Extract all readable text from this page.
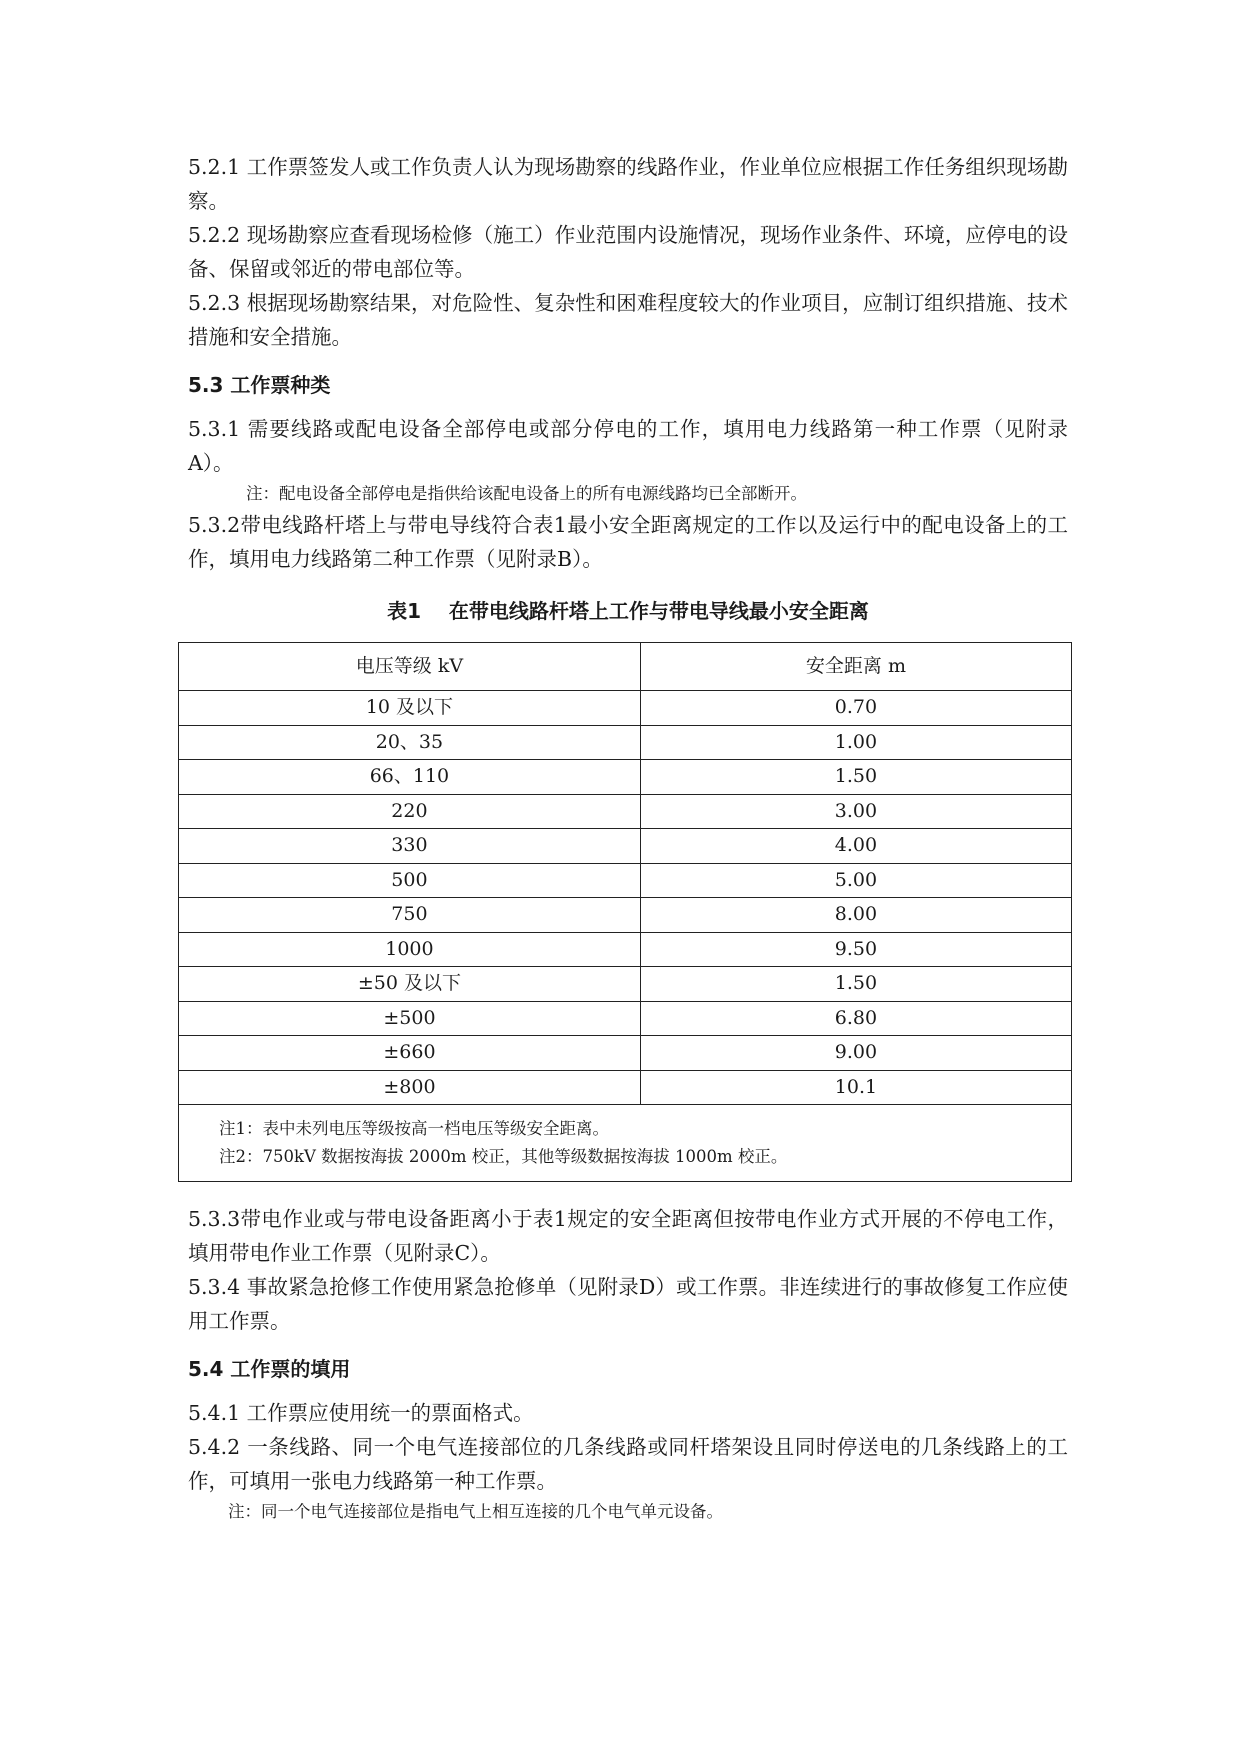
5.2.1 工作票签发人或工作负责人认为现场勘察的线路作业，作业单位应根据工作任务组织现场勘察。

5.2.2 现场勘察应查看现场检修（施工）作业范围内设施情况，现场作业条件、环境，应停电的设备、保留或邻近的带电部位等。

5.2.3 根据现场勘察结果，对危险性、复杂性和困难程度较大的作业项目，应制订组织措施、技术措施和安全措施。

5.3 工作票种类

5.3.1 需要线路或配电设备全部停电或部分停电的工作，填用电力线路第一种工作票（见附录A）。

注：配电设备全部停电是指供给该配电设备上的所有电源线路均已全部断开。

5.3.2带电线路杆塔上与带电导线符合表1最小安全距离规定的工作以及运行中的配电设备上的工作，填用电力线路第二种工作票（见附录B）。

表1    在带电线路杆塔上工作与带电导线最小安全距离
电压等级 kV	安全距离 m
10 及以下	0.70
20、35	1.00
66、110	1.50
220	3.00
330	4.00
500	5.00
750	8.00
1000	9.50
±50 及以下	1.50
±500	6.80
±660	9.00
±800	10.1

注1：表中未列电压等级按高一档电压等级安全距离。
注2：750kV 数据按海拔 2000m 校正，其他等级数据按海拔 1000m 校正。	

5.3.3带电作业或与带电设备距离小于表1规定的安全距离但按带电作业方式开展的不停电工作，填用带电作业工作票（见附录C）。

5.3.4 事故紧急抢修工作使用紧急抢修单（见附录D）或工作票。非连续进行的事故修复工作应使用工作票。

5.4 工作票的填用

5.4.1 工作票应使用统一的票面格式。

5.4.2 一条线路、同一个电气连接部位的几条线路或同杆塔架设且同时停送电的几条线路上的工作，可填用一张电力线路第一种工作票。

注：同一个电气连接部位是指电气上相互连接的几个电气单元设备。
